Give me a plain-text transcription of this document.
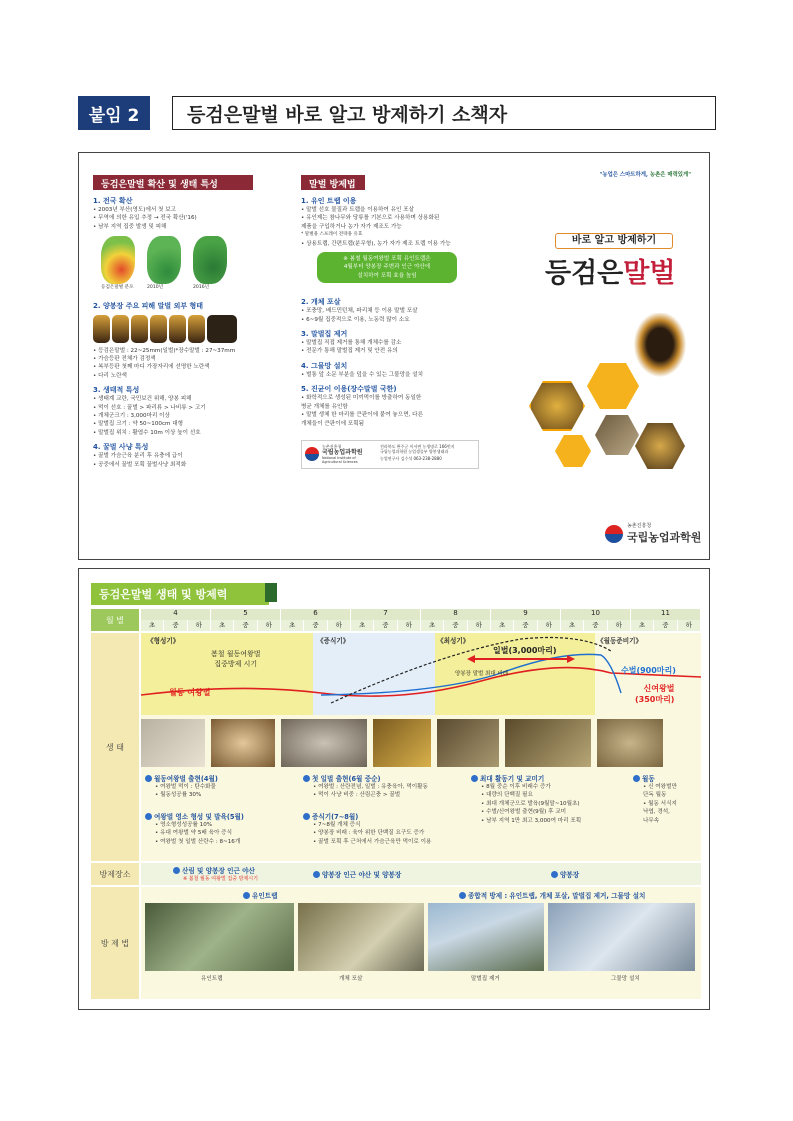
붙임 2	등검은말벌 바로 알고 방제하기 소책자
등검은말벌 확산 및 생태 특성
1. 전국 확산
• 2003년 부산(영도)에서 첫 보고
• 무역에 의한 유입 추정 → 전국 확산('16)
• 남부 지역 집중 발생 및 피해
등검은말벌 분포	2010년	2016년
2. 양봉장 주요 피해 말벌 외부 형태
• 등검은말벌 : 22~25mm(일벌)*장수말벌 : 27~37mm
• 가슴등판 전체가 검정색
• 복부등판 첫째 마디 가장자리에 선명한 노란색
• 다리 노란색
3. 생태적 특성
• 생태계 교란, 국민보건 위해, 양봉 피해
• 먹이 선호 : 꿀벌 > 파리류 > 나비류 > 고기
• 개체군크기 : 3,000마리 이상
• 말벌집 크기 : 약 50~100cm 대형
• 말벌집 위치 : 활엽수 10m 이상 높이 선호
4. 꿀벌 사냥 특성
• 꿀벌 가슴근육 분리 후 유충에 급이
• 공중에서 꿀벌 포획 꿀벌사냥 최적화
말벌 방제법
1. 유인 트랩 이용
• 말벌 선호 물질과 트랩을 이용하여 유인 포살
• 유인제는 참나무와 당류를 기본으로 사용하며 상용화된
제품을 구입하거나 농가 자가 제조도 가능
* 말벌용 스프레이 전략용 유효
• 상용트랩, 간편트랩(분무형), 농가 자가 제조 트랩 이용 가능
※ 봄철 월동여왕벌 포획 유인트랩은
4월부터 양봉장 주변과 인근 야산에
설치하여 포획 효율 높임
2. 개체 포살
• 포충망, 배드민턴채, 파리채 등 이용 말벌 포살
• 6~9월 집중적으로 이용, 노동력 많이 소요
3. 말벌집 제거
• 말벌집 직접 제거를 통해 개체수를 감소
• 전문가 통해 말벌집 제거 및 안전 유의
4. 그물망 설치
• 벌통 앞 소문 부분을 덮을 수 있는 그물망을 설치
5. 진균이 이용(장수말벌 국한)
• 화학적으로 생성된 미끼먹이를 방출하여 동일한
병균 개체를 유인함
• 말벌 생체 한 마리를 큰판이에 붙여 놓으면, 다른
개체들이 큰판이에 포획됨
농촌진흥청
국립농업과학원
National Institute of Agricultural Sciences
전라북도 완주군 이서면 농생명로 166번지
국립농업과학원 농업생물부 양봉생태과
농업연구사 김수석 063-238-2880
"농업은 스마트하게, 농촌은 매력있게"
바로 알고 방제하기
등검은말벌
농촌진흥청
국립농업과학원
등검은말벌 생태 및 방제력
월 별
생 태
방제장소
방 제 법
4	5	6	7	8	9	10	11
초	중	하	초	중	하	초	중	하	초	중	하	초	중	하	초	중	하	초	중	하	초	중	하
《형성기》	《증식기》	《최성기》	《월동준비기》
봄철 월동여왕벌
집중방제 시기
월동 여왕벌
일벌(3,000마리)
양봉장 말벌 최대 비례	수벌(900마리)
신여왕벌
(350마리)
월동여왕벌 출현(4월)
• 여왕벌 먹이 : 탄수화물
• 월동성공률 30%
여왕벌 영소 형성 및 발육(5월)
• 영소형성성공률 10%
• 유대 여왕벌 약 5배 육아 증식
• 여왕벌 첫 일벌 산란수 : 8~16개
첫 일벌 출현(6월 중순)
• 여왕벌 : 산란전념, 일벌 : 유충육아, 먹이활동
• 먹이 사냥 비중 : 산림곤충 > 꿀벌
증식기(7~8월)
• 7~8월 개체 증식
• 양봉장 비래 : 육아 위한 단백질 요구도 증가
• 꿀벌 포획 후 근처에서 가슴근육만 먹이로 이용
최대 활동기 및 교미기
• 8월 중순 이후 비래수 증가
• 대량의 단백질 필요
• 최대 개체군으로 발육(9월말~10월초)
• 수벌/신여왕벌 출현(9월) 후 교미
• 남부 지역 1만 최고 3,000여 마리 포획
월동
• 신 여왕벌만
단독 월동
• 월동 서식지
낙엽, 경석,
나무속
산림 및 양봉장 인근 야산
※ 봄철 월동 여왕벌 집중 방제시기	양봉장 인근 야산 및 양봉장	양봉장
유인트랩	종합적 방제 : 유인트랩, 개체 포살, 말벌집 제거, 그물망 설치
유인트랩	개체 포살	말벌집 제거	그물망 설치
